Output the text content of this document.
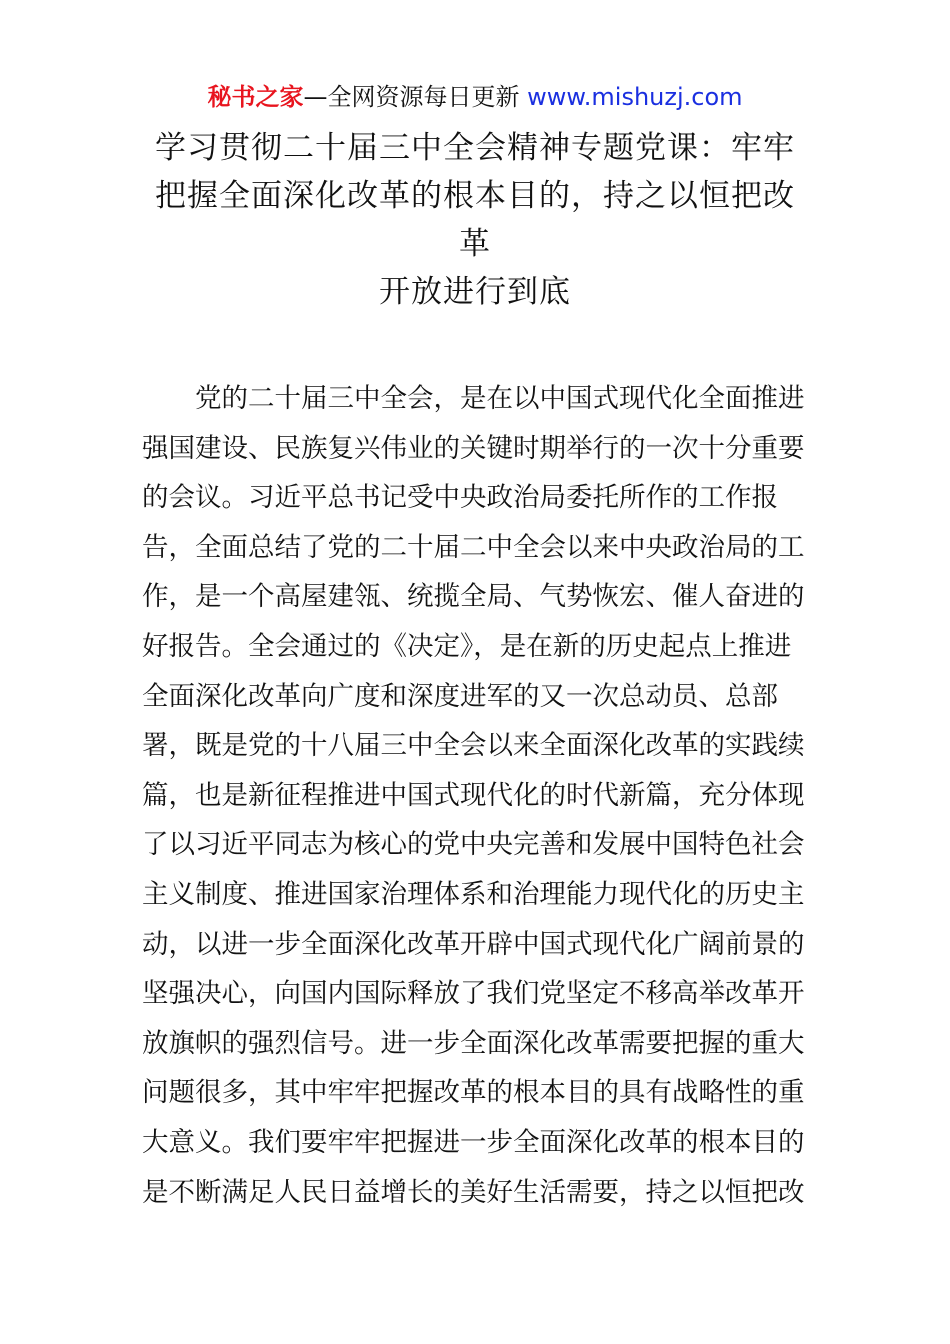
秘书之家—全网资源每日更新 www.mishuzj.com
学习贯彻二十届三中全会精神专题党课：牢牢
把握全面深化改革的根本目的，持之以恒把改
革
开放进行到底
　　党的二十届三中全会，是在以中国式现代化全面推进
强国建设、民族复兴伟业的关键时期举行的一次十分重要
的会议。习近平总书记受中央政治局委托所作的工作报
告，全面总结了党的二十届二中全会以来中央政治局的工
作，是一个高屋建瓴、统揽全局、气势恢宏、催人奋进的
好报告。全会通过的《决定》，是在新的历史起点上推进
全面深化改革向广度和深度进军的又一次总动员、总部
署，既是党的十八届三中全会以来全面深化改革的实践续
篇，也是新征程推进中国式现代化的时代新篇，充分体现
了以习近平同志为核心的党中央完善和发展中国特色社会
主义制度、推进国家治理体系和治理能力现代化的历史主
动，以进一步全面深化改革开辟中国式现代化广阔前景的
坚强决心，向国内国际释放了我们党坚定不移高举改革开
放旗帜的强烈信号。进一步全面深化改革需要把握的重大
问题很多，其中牢牢把握改革的根本目的具有战略性的重
大意义。我们要牢牢把握进一步全面深化改革的根本目的
是不断满足人民日益增长的美好生活需要，持之以恒把改
